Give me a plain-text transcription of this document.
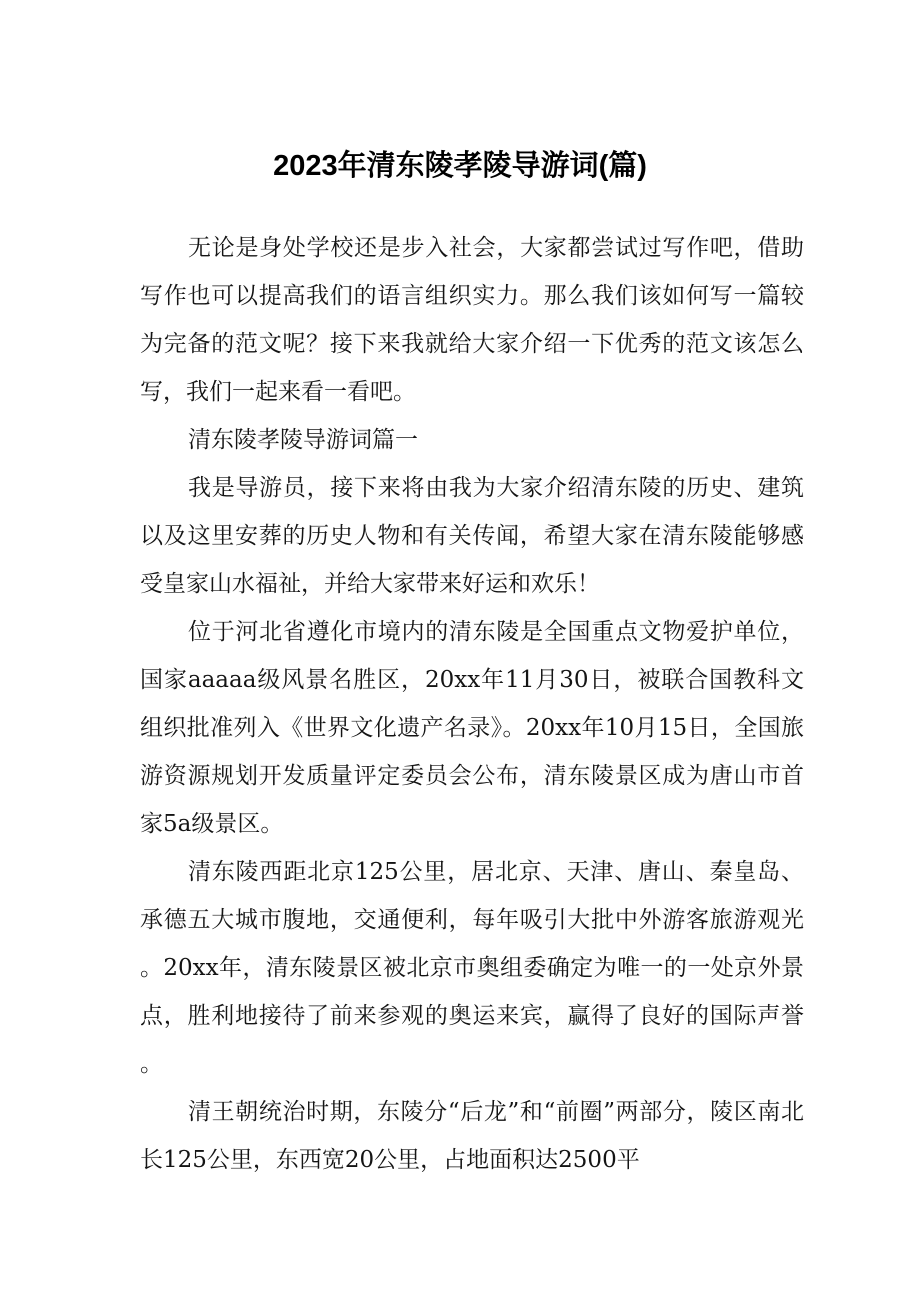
2023年清东陵孝陵导游词(篇)

无论是身处学校还是步入社会，大家都尝试过写作吧，借助写作也可以提高我们的语言组织实力。那么我们该如何写一篇较为完备的范文呢？接下来我就给大家介绍一下优秀的范文该怎么写，我们一起来看一看吧。

清东陵孝陵导游词篇一

我是导游员，接下来将由我为大家介绍清东陵的历史、建筑以及这里安葬的历史人物和有关传闻，希望大家在清东陵能够感受皇家山水福祉，并给大家带来好运和欢乐！

位于河北省遵化市境内的清东陵是全国重点文物爱护单位，国家aaaaa级风景名胜区，20xx年11月30日，被联合国教科文组织批准列入《世界文化遗产名录》。20xx年10月15日，全国旅游资源规划开发质量评定委员会公布，清东陵景区成为唐山市首家5a级景区。

清东陵西距北京125公里，居北京、天津、唐山、秦皇岛、承德五大城市腹地，交通便利，每年吸引大批中外游客旅游观光。20xx年，清东陵景区被北京市奥组委确定为唯一的一处京外景点，胜利地接待了前来参观的奥运来宾，赢得了良好的国际声誉。

清王朝统治时期，东陵分“后龙”和“前圈”两部分，陵区南北长125公里，东西宽20公里，占地面积达2500平
